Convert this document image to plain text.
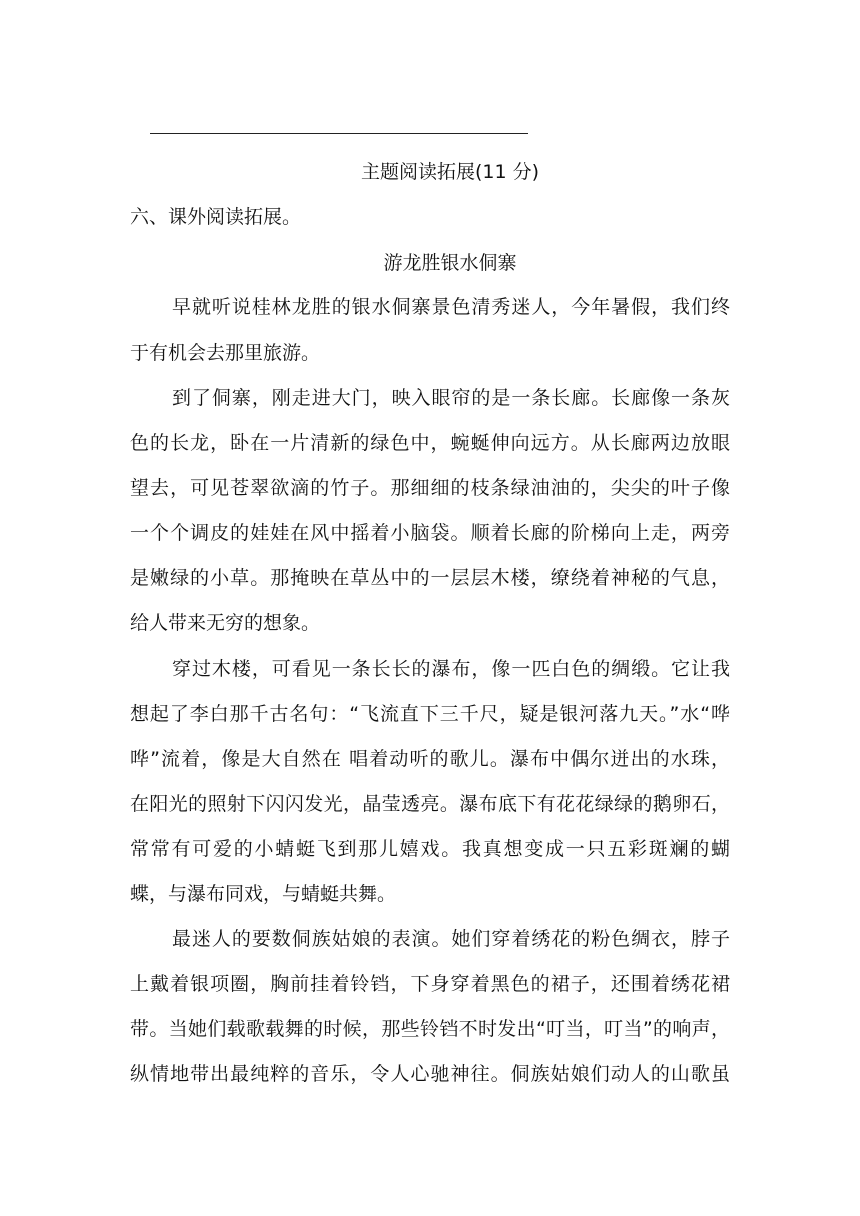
主题阅读拓展(11 分)
六、课外阅读拓展。
游龙胜银水侗寨
早就听说桂林龙胜的银水侗寨景色清秀迷人，今年暑假，我们终
于有机会去那里旅游。
到了侗寨，刚走进大门，映入眼帘的是一条长廊。长廊像一条灰
色的长龙，卧在一片清新的绿色中，蜿蜒伸向远方。从长廊两边放眼
望去，可见苍翠欲滴的竹子。那细细的枝条绿油油的，尖尖的叶子像
一个个调皮的娃娃在风中摇着小脑袋。顺着长廊的阶梯向上走，两旁
是嫩绿的小草。那掩映在草丛中的一层层木楼，缭绕着神秘的气息，
给人带来无穷的想象。
穿过木楼，可看见一条长长的瀑布，像一匹白色的绸缎。它让我
想起了李白那千古名句：“飞流直下三千尺，疑是银河落九天。”水“哗
哗”流着，像是大自然在 唱着动听的歌儿。瀑布中偶尔迸出的水珠，
在阳光的照射下闪闪发光，晶莹透亮。瀑布底下有花花绿绿的鹅卵石，
常常有可爱的小蜻蜓飞到那儿嬉戏。我真想变成一只五彩斑斓的蝴
蝶，与瀑布同戏，与蜻蜓共舞。
最迷人的要数侗族姑娘的表演。她们穿着绣花的粉色绸衣，脖子
上戴着银项圈，胸前挂着铃铛，下身穿着黑色的裙子，还围着绣花裙
带。当她们载歌载舞的时候，那些铃铛不时发出“叮当，叮当”的响声，
纵情地带出最纯粹的音乐，令人心驰神往。侗族姑娘们动人的山歌虽
